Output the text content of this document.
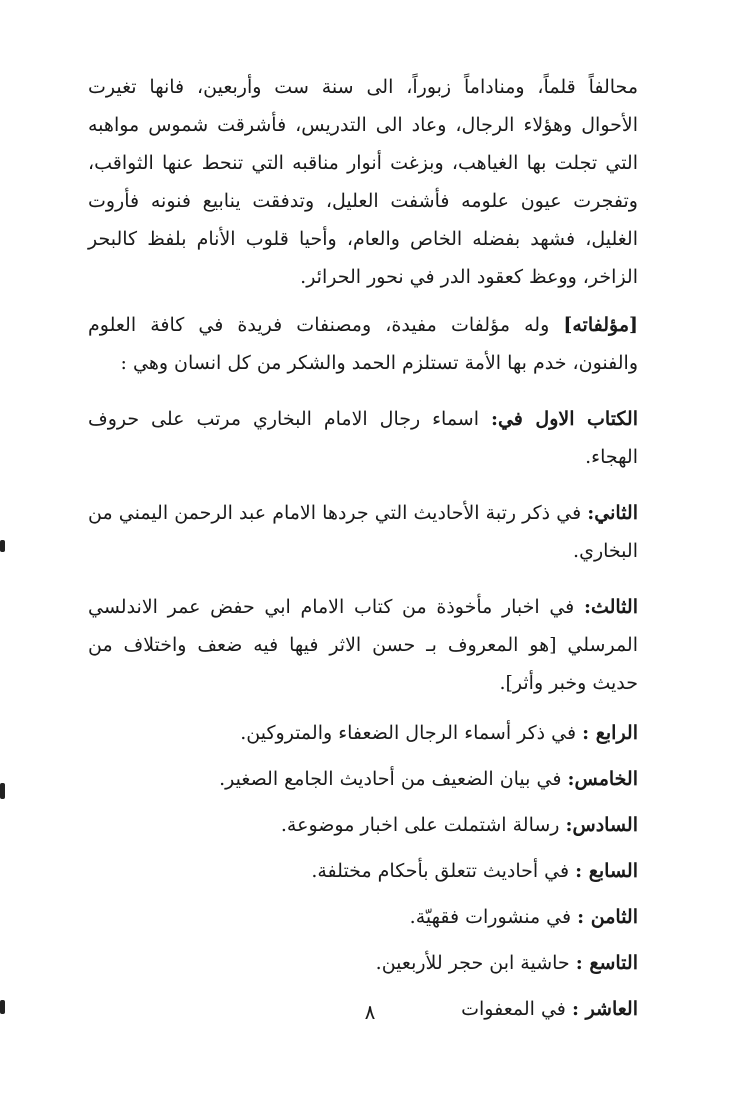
محالفاً قلماً، ومناداماً زبوراً، الى سنة ست وأربعين، فانها تغيرت الأحوال وهؤلاء الرجال، وعاد الى التدريس، فأشرقت شموس مواهبه التي تجلت بها الغياهب، وبزغت أنوار مناقبه التي تنحط عنها الثواقب، وتفجرت عيون علومه فأشفت العليل، وتدفقت ينابيع فنونه فأروت الغليل، فشهد بفضله الخاص والعام، وأحيا قلوب الأنام بلفظ كالبحر الزاخر، ووعظ كعقود الدر في نحور الحرائر.

[مؤلفاته] وله مؤلفات مفيدة، ومصنفات فريدة في كافة العلوم والفنون، خدم بها الأمة تستلزم الحمد والشكر من كل انسان وهي :

الكتاب الاول في: اسماء رجال الامام البخاري مرتب على حروف الهجاء.

الثاني: في ذكر رتبة الأحاديث التي جردها الامام عبد الرحمن اليمني من البخاري.

الثالث: في اخبار مأخوذة من كتاب الامام ابي حفض عمر الاندلسي المرسلي [هو المعروف بـ حسن الاثر فيها فيه ضعف واختلاف من حديث وخبر وأثر].

الرابع : في ذكر أسماء الرجال الضعفاء والمتروكين.
الخامس: في بيان الضعيف من أحاديث الجامع الصغير.
السادس: رسالة اشتملت على اخبار موضوعة.
السابع : في أحاديث تتعلق بأحكام مختلفة.
الثامن : في منشورات فقهيّة.
التاسع : حاشية ابن حجر للأربعين.
العاشر : في المعفوات
٨
